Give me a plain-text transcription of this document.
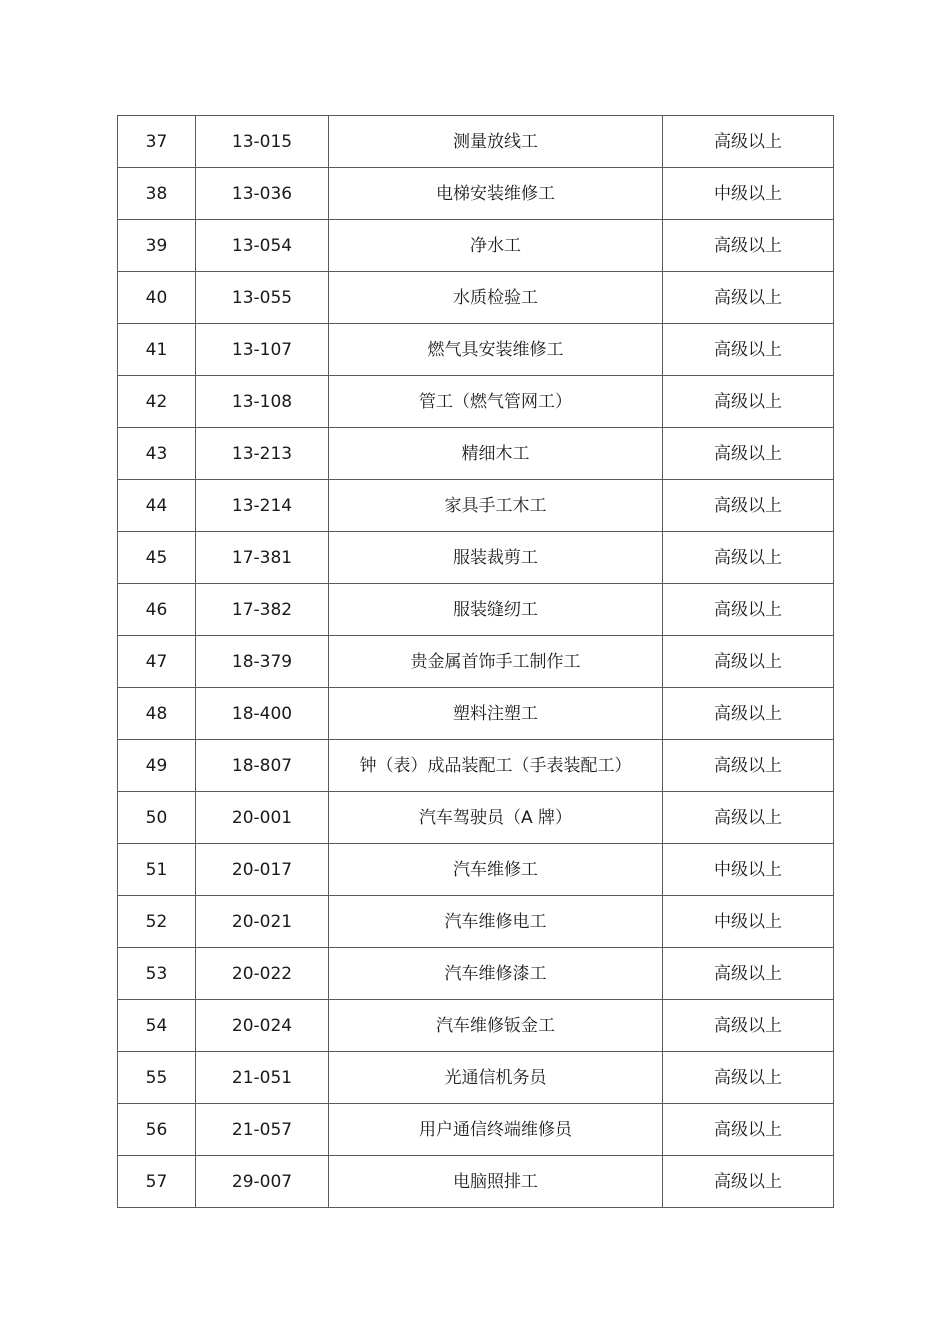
37	13-015	测量放线工	高级以上
38	13-036	电梯安装维修工	中级以上
39	13-054	净水工	高级以上
40	13-055	水质检验工	高级以上
41	13-107	燃气具安装维修工	高级以上
42	13-108	管工（燃气管网工）	高级以上
43	13-213	精细木工	高级以上
44	13-214	家具手工木工	高级以上
45	17-381	服装裁剪工	高级以上
46	17-382	服装缝纫工	高级以上
47	18-379	贵金属首饰手工制作工	高级以上
48	18-400	塑料注塑工	高级以上
49	18-807	钟（表）成品装配工（手表装配工）	高级以上
50	20-001	汽车驾驶员（A 牌）	高级以上
51	20-017	汽车维修工	中级以上
52	20-021	汽车维修电工	中级以上
53	20-022	汽车维修漆工	高级以上
54	20-024	汽车维修钣金工	高级以上
55	21-051	光通信机务员	高级以上
56	21-057	用户通信终端维修员	高级以上
57	29-007	电脑照排工	高级以上
